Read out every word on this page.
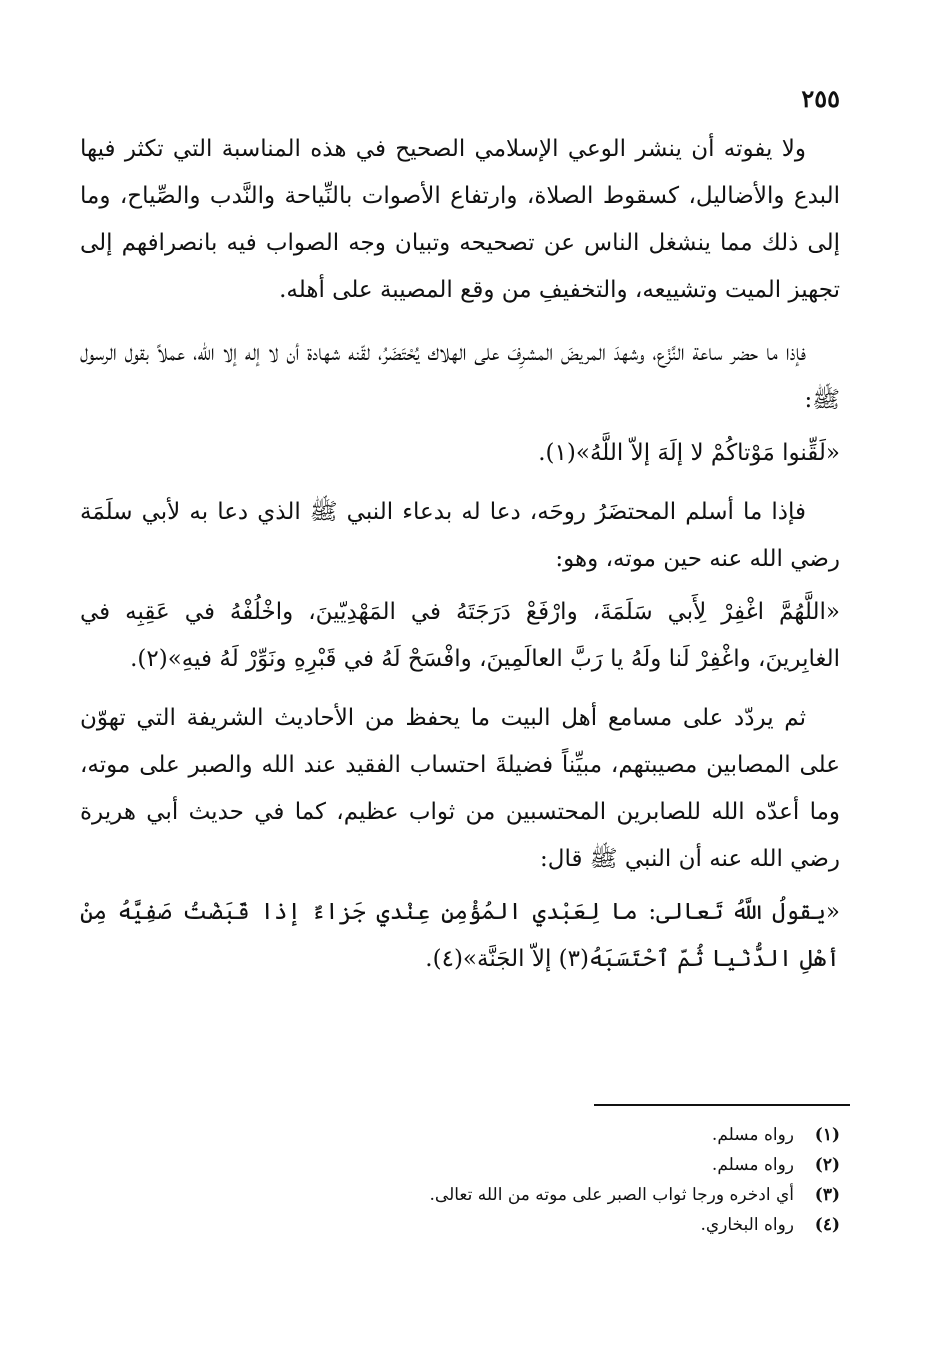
٢٥٥

ولا يفوته أن ينشر الوعي الإسلامي الصحيح في هذه المناسبة التي تكثر فيها البدع والأضاليل، كسقوط الصلاة، وارتفاع الأصوات بالنِّياحة والنَّدب والصِّياح، وما إلى ذلك مما ينشغل الناس عن تصحيحه وتبيان وجه الصواب فيه بانصرافهم إلى تجهيز الميت وتشييعه، والتخفيفِ من وقع المصيبة على أهله.

فإذا ما حضر ساعة النَّزْع، وشهدَ المريضَ المشرِفَ على الهلاك يُحْتَضَرُ، لقّنه شهادة أن لا إله إلا الله، عملاً بقول الرسول ﷺ:

«لَقِّنوا مَوْتاكُمْ لا إلَهَ إلاّ اللَّهُ»(١).

فإذا ما أسلم المحتضَرُ روحَه، دعا له بدعاء النبي ﷺ الذي دعا به لأبي سلَمَة رضي الله عنه حين موته، وهو:

«اللَّهُمَّ اغْفِرْ لِأَبي سَلَمَةَ، وارْفَعْ دَرَجَتَهُ في المَهْدِيّينَ، واخْلُفْهُ في عَقِبِه في الغابِرينَ، واغْفِرْ لَنا ولَهُ يا رَبَّ العالَمِينَ، وافْسَحْ لَهُ في قَبْرِهِ ونَوِّرْ لَهُ فيهِ»(٢).

ثم يردّد على مسامع أهل البيت ما يحفظ من الأحاديث الشريفة التي تهوّن على المصابين مصيبتهم، مبيِّناً فضيلةَ احتساب الفقيد عند الله والصبر على موته، وما أعدّه الله للصابرين المحتسبين من ثواب عظيم، كما في حديث أبي هريرة رضي الله عنه أن النبي ﷺ قال:

«يقولُ اللَّهُ تَعالى: ما لِعَبْدي المُؤْمِنِ عِنْدي جَزاءٌ إذا قَبَضْتُ صَفِيَّهُ مِنْ أهْلِ الدُّنْيا ثُمّ ٱحْتَسَبَهُ(٣) إلاّ الجَنَّة»(٤).

(١)
رواه مسلم.
(٢)
رواه مسلم.
(٣)
أي ادخره ورجا ثواب الصبر على موته من الله تعالى.
(٤)
رواه البخاري.
